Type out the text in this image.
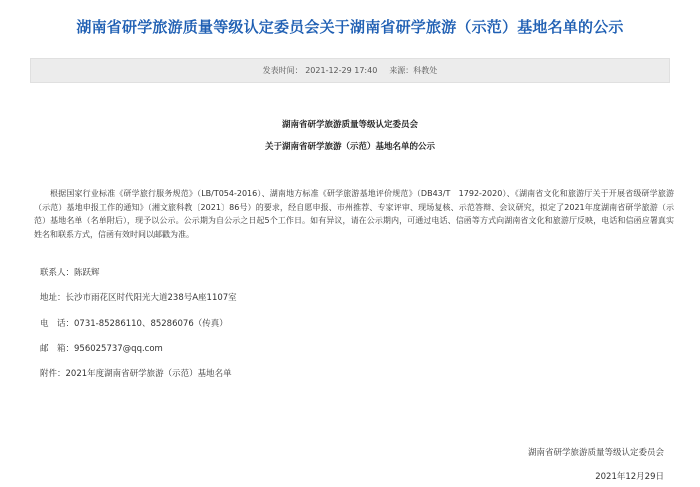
湖南省研学旅游质量等级认定委员会关于湖南省研学旅游（示范）基地名单的公示
发表时间： 2021-12-29 17:40 来源：科教处
湖南省研学旅游质量等级认定委员会
关于湖南省研学旅游（示范）基地名单的公示
根据国家行业标准《研学旅行服务规范》（LB/T054-2016）、湖南地方标准《研学旅游基地评价规范》（DB43/T　1792-2020）、《湖南省文化和旅游厅关于开展省级研学旅游（示范）基地申报工作的通知》（湘文旅科教〔2021〕86号）的要求，经自愿申报、市州推荐、专家评审、现场复核、示范答辩、会议研究，拟定了2021年度湖南省研学旅游（示范）基地名单（名单附后），现予以公示。公示期为自公示之日起5个工作日。如有异议，请在公示期内，可通过电话、信函等方式向湖南省文化和旅游厅反映，电话和信函应署真实姓名和联系方式，信函有效时间以邮戳为准。
联系人：陈跃辉
地址：长沙市雨花区时代阳光大道238号A座1107室
电　话：0731-85286110、85286076（传真）
邮　箱：956025737@qq.com
附件：2021年度湖南省研学旅游（示范）基地名单
湖南省研学旅游质量等级认定委员会
2021年12月29日
